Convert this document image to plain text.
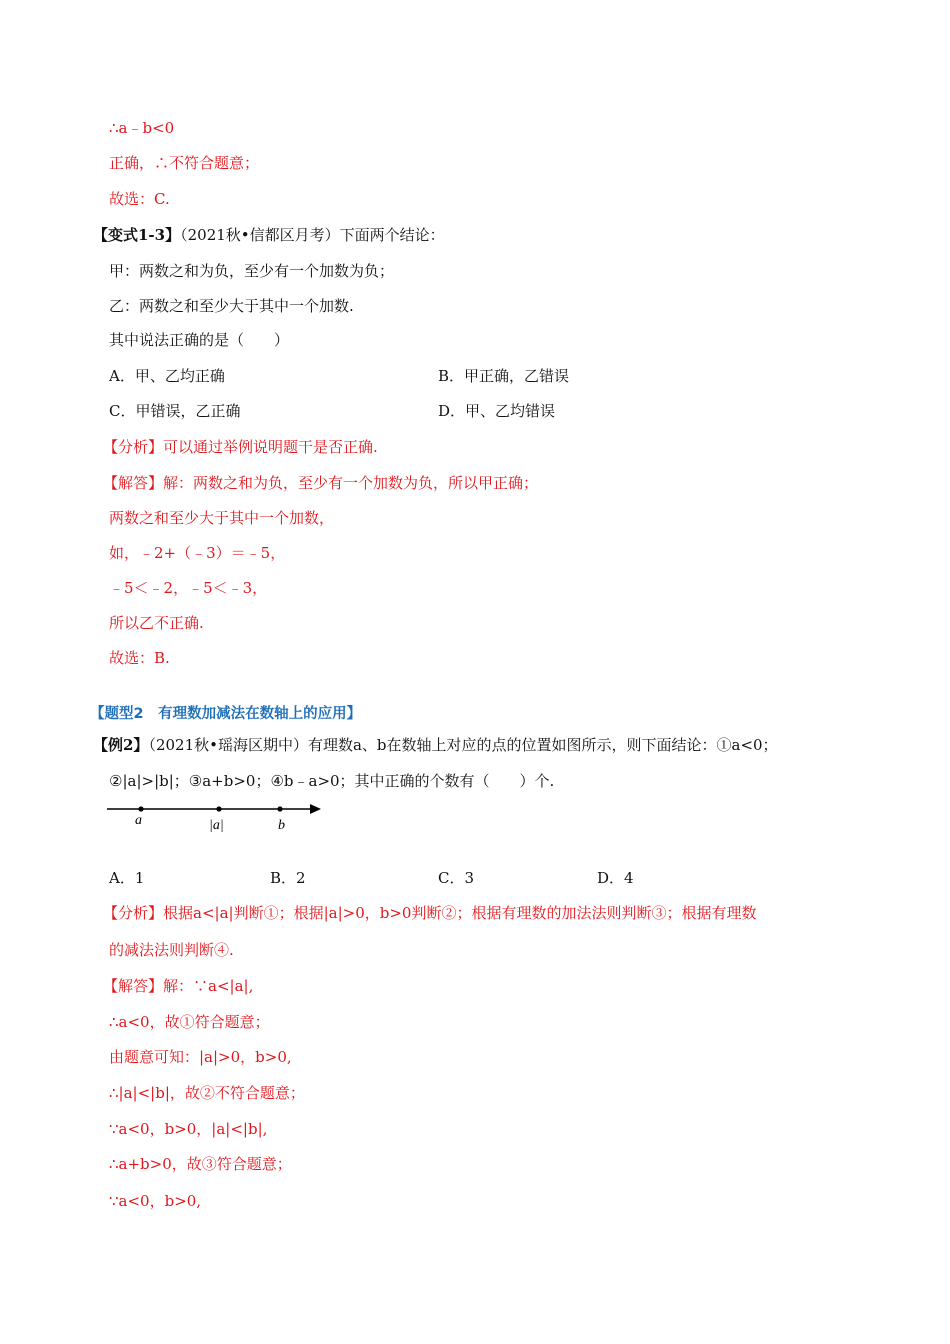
∴a﹣b<0
正确，∴不符合题意；
故选：C.
【变式1-3】（2021秋•信都区月考）下面两个结论：
甲：两数之和为负，至少有一个加数为负；
乙：两数之和至少大于其中一个加数.
其中说法正确的是（　　）
A．甲、乙均正确	B．甲正确，乙错误
C．甲错误，乙正确	D．甲、乙均错误
【分析】可以通过举例说明题干是否正确.
【解答】解：两数之和为负，至少有一个加数为负，所以甲正确；
两数之和至少大于其中一个加数，
如，﹣2+（﹣3）＝﹣5，
﹣5＜﹣2，﹣5＜﹣3，
所以乙不正确.
故选：B.
【题型2　有理数加减法在数轴上的应用】
【例2】（2021秋•瑶海区期中）有理数a、b在数轴上对应的点的位置如图所示，则下面结论：①a<0；
②|a|>|b|；③a+b>0；④b﹣a>0；其中正确的个数有（　　）个.
a	|a|	b
A．1	B．2	C．3	D．4
【分析】根据a<|a|判断①；根据|a|>0，b>0判断②；根据有理数的加法法则判断③；根据有理数
的减法法则判断④.
【解答】解：∵a<|a|,
∴a<0，故①符合题意；
由题意可知：|a|>0，b>0,
∴|a|<|b|，故②不符合题意；
∵a<0，b>0，|a|<|b|,
∴a+b>0，故③符合题意；
∵a<0，b>0,
